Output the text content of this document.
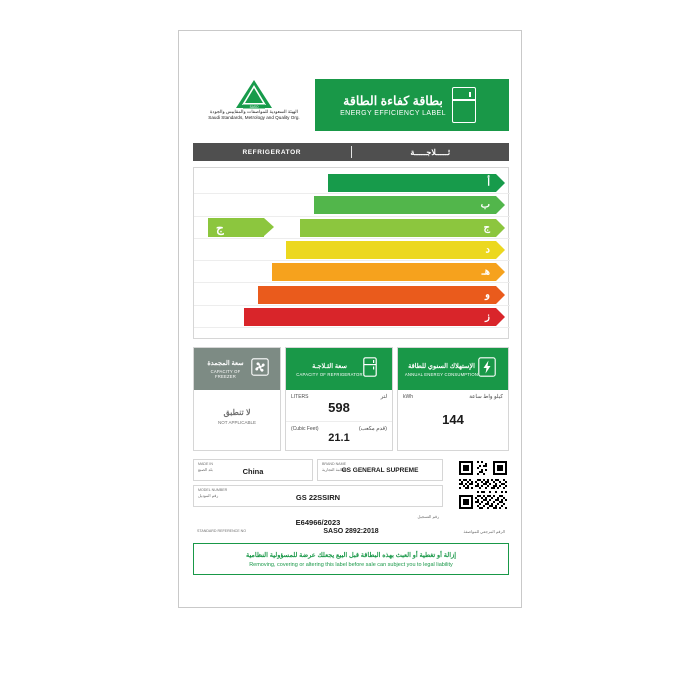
SASO
الهيئة السعودية للمواصفات والمقاييس والجودة
Saudi Standards, Metrology and Quality Org.
بطاقة كفاءة الطاقة
ENERGY EFFICIENCY LABEL
REFRIGERATOR	ثـــــلاجـــــة
أ
ب
ج
ج
د
هـ
و
ز
سعة المجمدة
CAPACITY OF FREEZER
لا تنطبق
NOT APPLICABLE
سعة الثـلاجـة
CAPACITY OF REFRIGERATOR
LITERS	لتر
598
(Cubic Feet)	(قدم مكعب)
21.1
الإستهلاك السنوي للطاقة
ANNUAL ENERGY CONSUMPTION
kWh	كيلو واط ساعة
144
MADE IN
بلد الصنع	China
BRAND NAME
العلامة التجارية
GS GENERAL SUPREME
MODEL NUMBER
رقم الموديل	GS 22SSIRN
E64966/2023
رقم التسجيل
STANDARD REFERENCE NO	SASO 2892:2018	الرقم المرجعي للمواصفة
إزالة أو تغطية أو العبث بهذه البطاقة قبل البيع يجعلك عرضة للمسؤولية النظامية
Removing, covering or altering this label before sale can subject you to legal liability
